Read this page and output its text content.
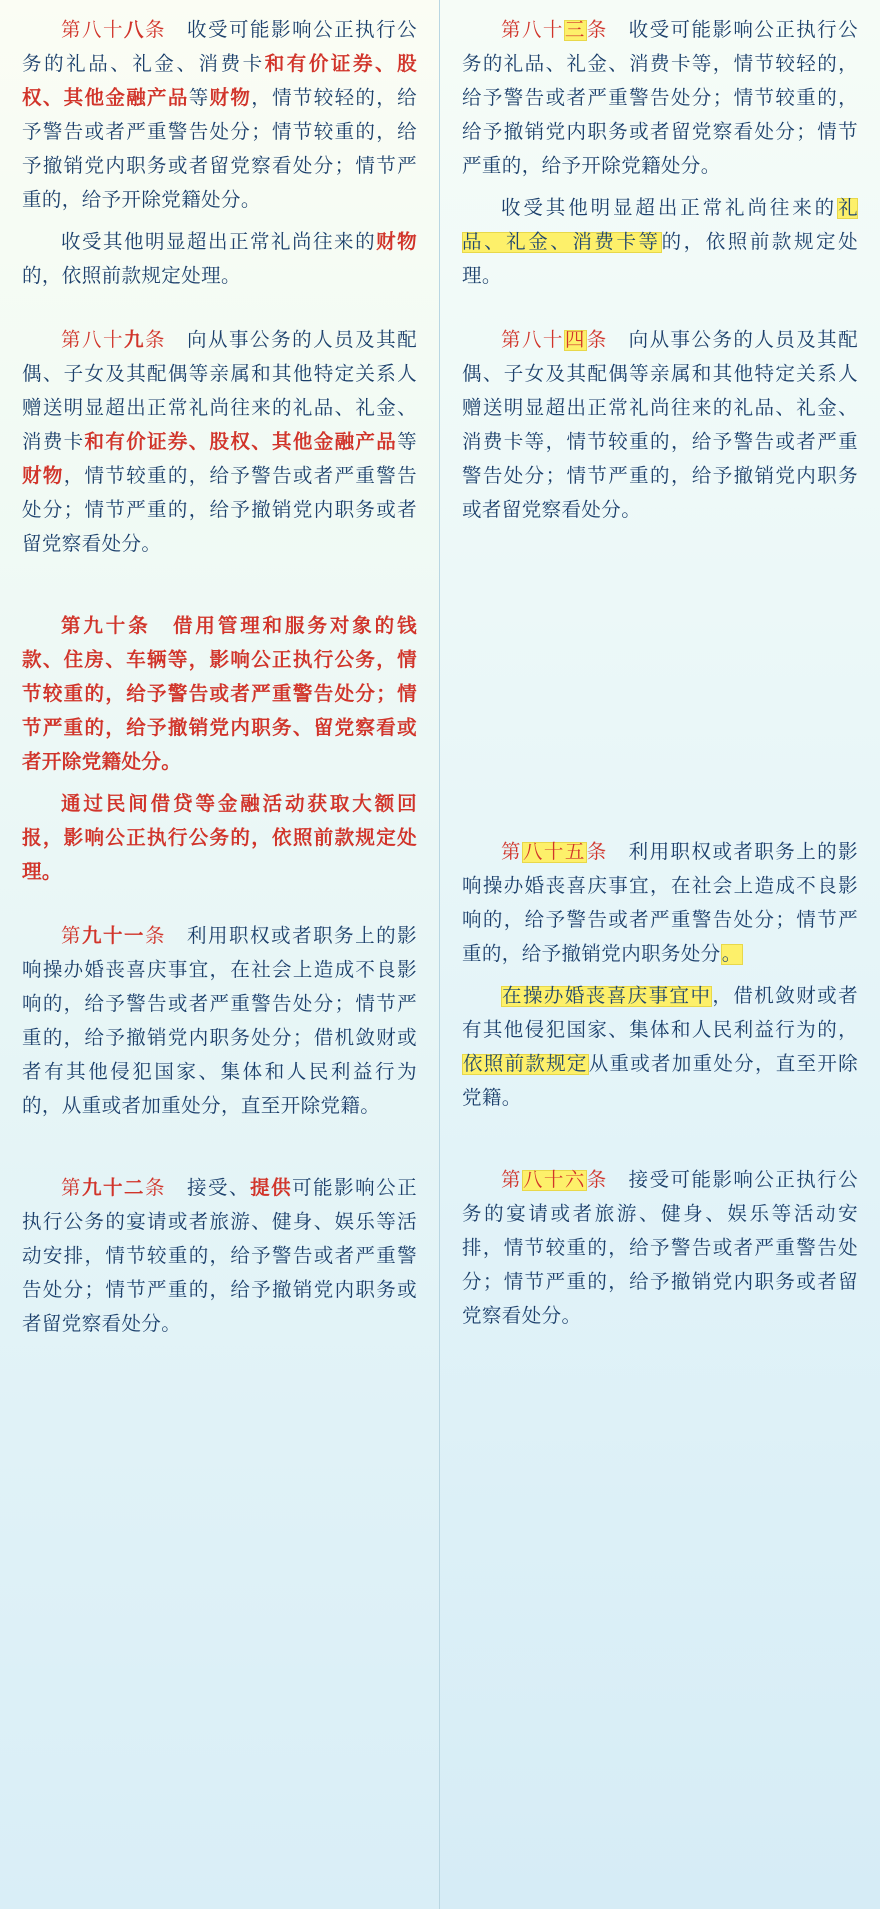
第八十八条　收受可能影响公正执行公务的礼品、礼金、消费卡和有价证券、股权、其他金融产品等财物，情节较轻的，给予警告或者严重警告处分；情节较重的，给予撤销党内职务或者留党察看处分；情节严重的，给予开除党籍处分。

收受其他明显超出正常礼尚往来的财物的，依照前款规定处理。

第八十九条　向从事公务的人员及其配偶、子女及其配偶等亲属和其他特定关系人赠送明显超出正常礼尚往来的礼品、礼金、消费卡和有价证券、股权、其他金融产品等财物，情节较重的，给予警告或者严重警告处分；情节严重的，给予撤销党内职务或者留党察看处分。

第九十条　借用管理和服务对象的钱款、住房、车辆等，影响公正执行公务，情节较重的，给予警告或者严重警告处分；情节严重的，给予撤销党内职务、留党察看或者开除党籍处分。

通过民间借贷等金融活动获取大额回报，影响公正执行公务的，依照前款规定处理。

第九十一条　利用职权或者职务上的影响操办婚丧喜庆事宜，在社会上造成不良影响的，给予警告或者严重警告处分；情节严重的，给予撤销党内职务处分；借机敛财或者有其他侵犯国家、集体和人民利益行为的，从重或者加重处分，直至开除党籍。

第九十二条　接受、提供可能影响公正执行公务的宴请或者旅游、健身、娱乐等活动安排，情节较重的，给予警告或者严重警告处分；情节严重的，给予撤销党内职务或者留党察看处分。

第八十三条　收受可能影响公正执行公务的礼品、礼金、消费卡等，情节较轻的，给予警告或者严重警告处分；情节较重的，给予撤销党内职务或者留党察看处分；情节严重的，给予开除党籍处分。

收受其他明显超出正常礼尚往来的礼品、礼金、消费卡等的，依照前款规定处理。

第八十四条　向从事公务的人员及其配偶、子女及其配偶等亲属和其他特定关系人赠送明显超出正常礼尚往来的礼品、礼金、消费卡等，情节较重的，给予警告或者严重警告处分；情节严重的，给予撤销党内职务或者留党察看处分。

第八十五条　利用职权或者职务上的影响操办婚丧喜庆事宜，在社会上造成不良影响的，给予警告或者严重警告处分；情节严重的，给予撤销党内职务处分。

在操办婚丧喜庆事宜中，借机敛财或者有其他侵犯国家、集体和人民利益行为的，依照前款规定从重或者加重处分，直至开除党籍。

第八十六条　接受可能影响公正执行公务的宴请或者旅游、健身、娱乐等活动安排，情节较重的，给予警告或者严重警告处分；情节严重的，给予撤销党内职务或者留党察看处分。
